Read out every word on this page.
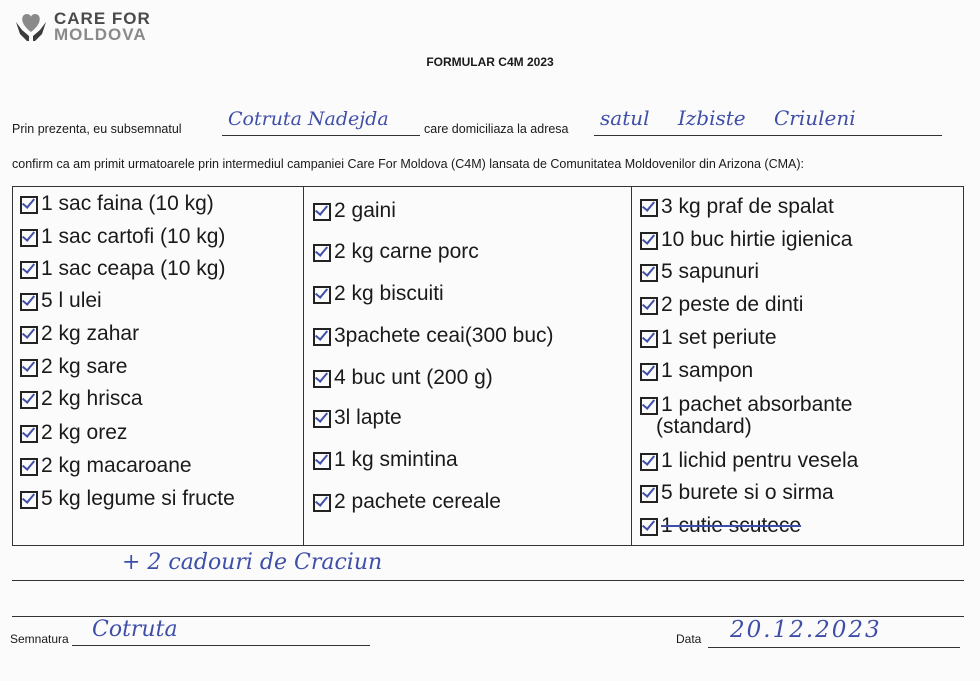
CARE FOR
MOLDOVA
FORMULAR C4M 2023
Prin prezenta, eu subsemnatul Cotruta Nadejda	care domiciliaza la adresa satul Izbiste Criuleni
confirm ca am primit urmatoarele prin intermediul campaniei Care For Moldova (C4M) lansata de Comunitatea Moldovenilor din Arizona (CMA):
1 sac faina (10 kg)
1 sac cartofi (10 kg)
1 sac ceapa (10 kg)
5 l ulei
2 kg zahar
2 kg sare
2 kg hrisca
2 kg orez
2 kg macaroane
5 kg legume si fructe
2 gaini
2 kg carne porc
2 kg biscuiti
3pachete ceai(300 buc)
4 buc unt (200 g)
3l lapte
1 kg smintina
2 pachete cereale
3 kg praf de spalat
10 buc hirtie igienica
5 sapunuri
2 peste de dinti
1 set periute
1 sampon
1 pachet absorbante
(standard)
1 lichid pentru vesela
5 burete si o sirma
1 cutie scutece
+ 2 cadouri de Craciun
Semnatura Cotruta	Data 20.12.2023
